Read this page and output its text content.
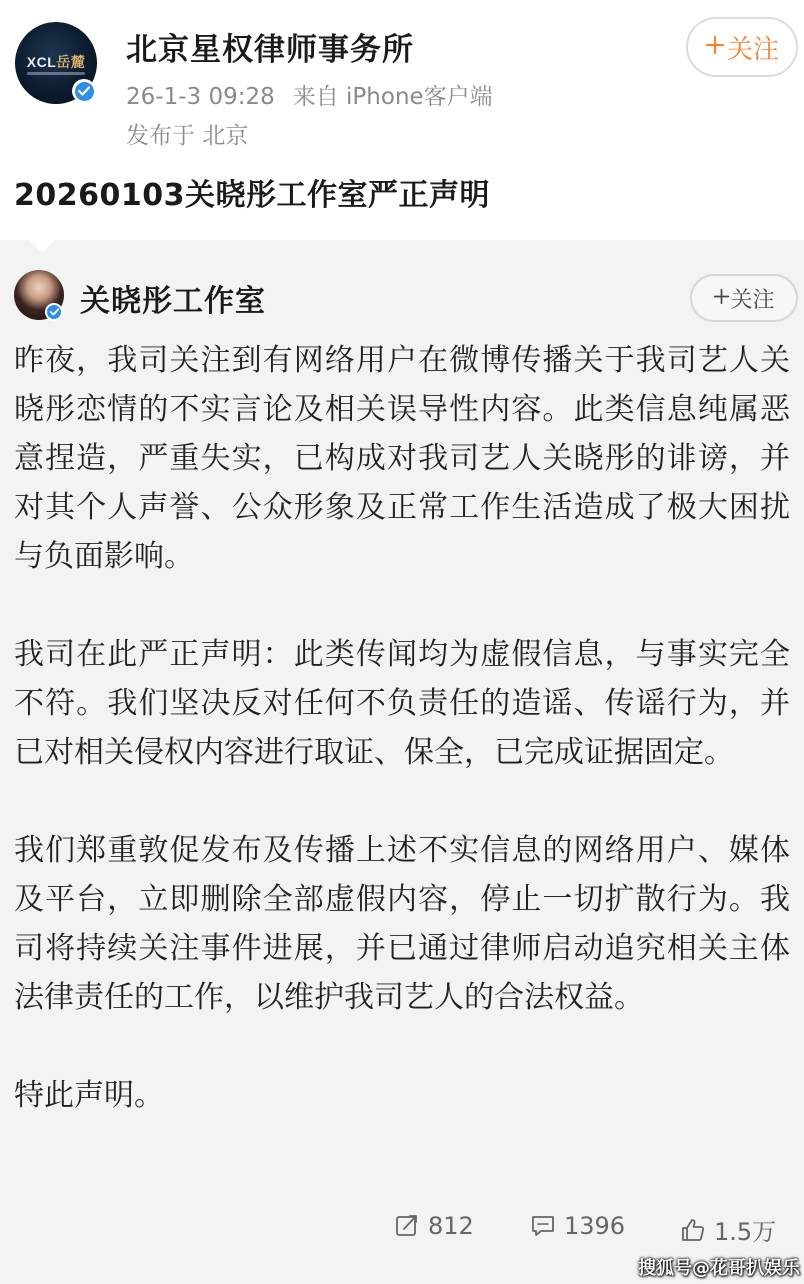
XCL岳麓 北京星权律师事务所
26-1-3 09:28 来自 iPhone客户端
发布于 北京
关注
20260103关晓彤工作室严正声明
关晓彤工作室	关注

昨夜，我司关注到有网络用户在微博传播关于我司艺人关晓彤恋情的不实言论及相关误导性内容。此类信息纯属恶意捏造，严重失实，已构成对我司艺人关晓彤的诽谤，并对其个人声誉、公众形象及正常工作生活造成了极大困扰与负面影响。

我司在此严正声明：此类传闻均为虚假信息，与事实完全不符。我们坚决反对任何不负责任的造谣、传谣行为，并已对相关侵权内容进行取证、保全，已完成证据固定。

我们郑重敦促发布及传播上述不实信息的网络用户、媒体及平台，立即删除全部虚假内容，停止一切扩散行为。我司将持续关注事件进展，并已通过律师启动追究相关主体法律责任的工作，以维护我司艺人的合法权益。

特此声明。

812	1396	1.5万
搜狐号@花哥扒娱乐
